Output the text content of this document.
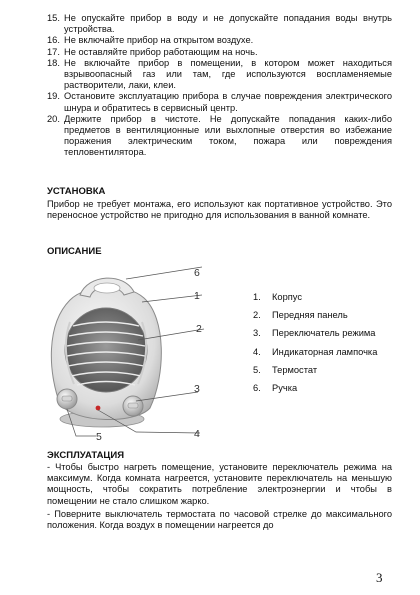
15. Не опускайте прибор в воду и не допускайте попадания воды внутрь устройства.
16. Не включайте прибор на открытом воздухе.
17. Не оставляйте прибор работающим на ночь.
18. Не включайте прибор в помещении, в котором может находиться взрывоопасный газ или там, где используются воспламеняемые растворители, лаки, клеи.
19. Остановите эксплуатацию прибора в случае повреждения электрического шнура и обратитесь в сервисный центр.
20. Держите прибор в чистоте. Не допускайте попадания каких-либо предметов в вентиляционные или выхлопные отверстия во избежание поражения электрическим током, пожара или повреждения тепловентилятора.
УСТАНОВКА
Прибор не требует монтажа, его используют как портативное устройство. Это переносное устройство не пригодно для использования в ванной комнате.
ОПИСАНИЕ
6
1
2
3
4
5
1. Корпус
2. Передняя панель
3. Переключатель режима
4. Индикаторная лампочка
5. Термостат
6. Ручка
ЭКСПЛУАТАЦИЯ
- Чтобы быстро нагреть помещение, установите переключатель режима на максимум. Когда комната нагреется, установите переключатель на меньшую мощность, чтобы сократить потребление электроэнергии и чтобы в помещении не стало слишком жарко.
- Поверните выключатель термостата по часовой стрелке до максимального положения. Когда воздух в помещении нагреется до
3
